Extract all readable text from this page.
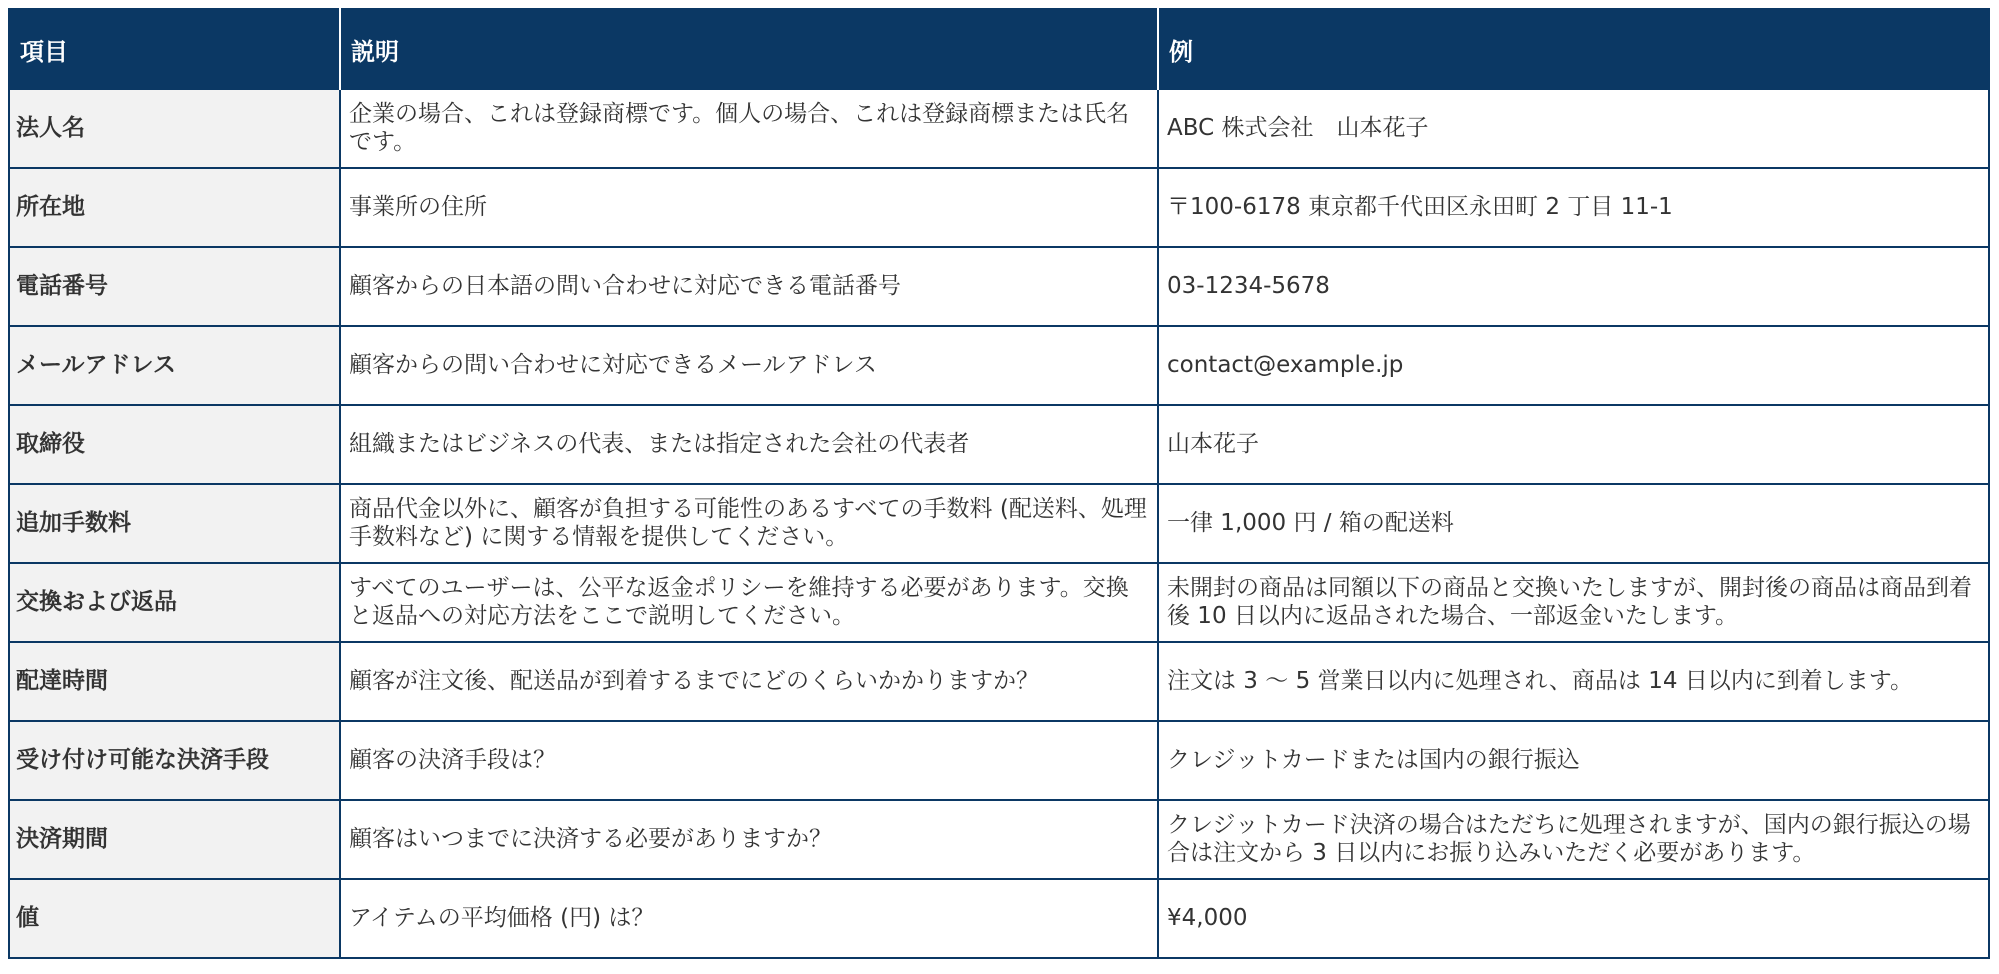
項目	説明	例
法人名	企業の場合、これは登録商標です。個人の場合、これは登録商標または氏名です。	ABC 株式会社　山本花子
所在地	事業所の住所	〒100-6178 東京都千代田区永田町 2 丁目 11-1
電話番号	顧客からの日本語の問い合わせに対応できる電話番号	03-1234-5678
メールアドレス	顧客からの問い合わせに対応できるメールアドレス	contact@example.jp
取締役	組織またはビジネスの代表、または指定された会社の代表者	山本花子
追加手数料	商品代金以外に、顧客が負担する可能性のあるすべての手数料 (配送料、処理手数料など) に関する情報を提供してください。	一律 1,000 円 / 箱の配送料
交換および返品	すべてのユーザーは、公平な返金ポリシーを維持する必要があります。交換と返品への対応方法をここで説明してください。	未開封の商品は同額以下の商品と交換いたしますが、開封後の商品は商品到着後 10 日以内に返品された場合、一部返金いたします。
配達時間	顧客が注文後、配送品が到着するまでにどのくらいかかりますか？	注文は 3 〜 5 営業日以内に処理され、商品は 14 日以内に到着します。
受け付け可能な決済手段	顧客の決済手段は？	クレジットカードまたは国内の銀行振込
決済期間	顧客はいつまでに決済する必要がありますか？	クレジットカード決済の場合はただちに処理されますが、国内の銀行振込の場合は注文から 3 日以内にお振り込みいただく必要があります。
値	アイテムの平均価格 (円) は？	¥4,000
